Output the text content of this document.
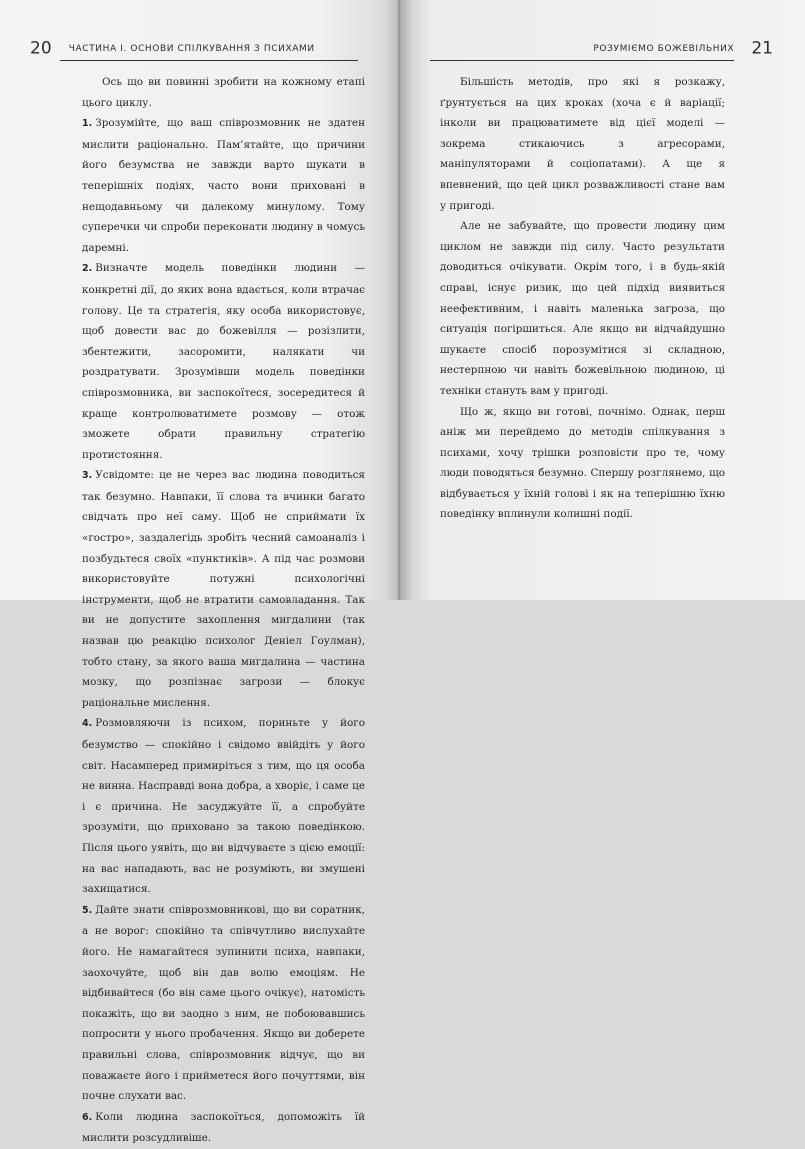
20 ЧАСТИНА І. ОСНОВИ СПІЛКУВАННЯ З ПСИХАМИ

Ось що ви повинні зробити на кожному етапі цього циклу.

1. Зрозумійте, що ваш співрозмовник не здатен мислити раціонально. Пам’ятайте, що причини його безумства не завжди варто шукати в теперішніх подіях, часто вони приховані в нещодавньому чи далекому минулому. Тому суперечки чи спроби переконати людину в чомусь даремні.

2. Визначте модель поведінки людини — конкретні дії, до яких вона вдається, коли втрачає голову. Це та стратегія, яку особа використовує, щоб довести вас до божевілля — розізлити, збентежити, засоромити, налякати чи роздратувати. Зрозумівши модель поведінки співрозмовника, ви заспокоїтеся, зосередитеся й краще контролюватимете розмову — отож зможете обрати правильну стратегію протистояння.

3. Усвідомте: це не через вас людина поводиться так безумно. Навпаки, її слова та вчинки багато свідчать про неї саму. Щоб не сприймати їх «гостро», заздалегідь зробіть чесний самоаналіз і позбудьтеся своїх «пунктиків». А під час розмови використовуйте потужні психологічні інструменти, щоб не втратити самовладання. Так ви не допустите захоплення мигдалини (так назвав цю реакцію психолог Деніел Гоулман), тобто стану, за якого ваша мигдалина — частина мозку, що розпізнає загрози — блокує раціональне мислення.

4. Розмовляючи із психом, пориньте у його безумство — спокійно і свідомо ввійдіть у його світ. Насамперед примиріться з тим, що ця особа не винна. Насправді вона добра, а хворіє, і саме це і є причина. Не засуджуйте її, а спробуйте зрозуміти, що приховано за такою поведінкою. Після цього уявіть, що ви відчуваєте з цією емоції: на вас нападають, вас не розуміють, ви змушені захищатися.

5. Дайте знати співрозмовникові, що ви соратник, а не ворог: спокійно та співчутливо вислухайте його. Не намагайтеся зупинити психа, навпаки, заохочуйте, щоб він дав волю емоціям. Не відбивайтеся (бо він саме цього очікує), натомість покажіть, що ви заодно з ним, не побоювавшись попросити у нього пробачення. Якщо ви доберете правильні слова, співрозмовник відчує, що ви поважаєте його і прийметеся його почуттями, він почне слухати вас.

6. Коли людина заспокоїться, допоможіть їй мислити розсудливіше.

РОЗУМІЄМО БОЖЕВІЛЬНИХ 21

Більшість методів, про які я розкажу, ґрунтується на цих кроках (хоча є й варіації; інколи ви працюватимете від цієї моделі — зокрема стикаючись з агресорами, маніпуляторами й соціопатами). А ще я впевнений, що цей цикл розважливості стане вам у пригоді.

Але не забувайте, що провести людину цим циклом не завжди під силу. Часто результати доводиться очікувати. Окрім того, і в будь-якій справі, існує ризик, що цей підхід виявиться неефективним, і навіть маленька загроза, що ситуація погіршиться. Але якщо ви відчайдушно шукаєте спосіб порозумітися зі складною, нестерпною чи навіть божевільною людиною, ці техніки стануть вам у пригоді.

Що ж, якщо ви готові, почнімо. Однак, перш аніж ми перейдемо до методів спілкування з психами, хочу трішки розповісти про те, чому люди поводяться безумно. Спершу розглянемо, що відбувається у їхній голові і як на теперішню їхню поведінку вплинули колишні події.
